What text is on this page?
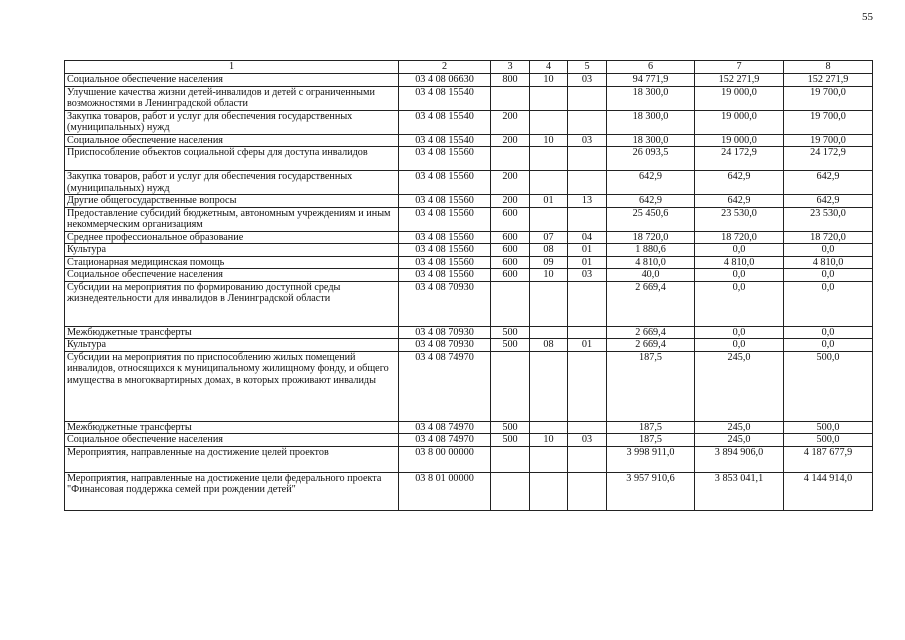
55
1	2	3	4	5	6	7	8
Социальное обеспечение населения	03 4 08 06630	800	10	03	94 771,9	152 271,9	152 271,9
Улучшение качества жизни детей-инвалидов и детей с ограниченными возможностями в Ленинградской области	03 4 08 15540				18 300,0	19 000,0	19 700,0
Закупка товаров, работ и услуг для обеспечения государственных (муниципальных) нужд	03 4 08 15540	200			18 300,0	19 000,0	19 700,0
Социальное обеспечение населения	03 4 08 15540	200	10	03	18 300,0	19 000,0	19 700,0
Приспособление объектов социальной сферы для доступа инвалидов	03 4 08 15560				26 093,5	24 172,9	24 172,9
Закупка товаров, работ и услуг для обеспечения государственных (муниципальных) нужд	03 4 08 15560	200			642,9	642,9	642,9
Другие общегосударственные вопросы	03 4 08 15560	200	01	13	642,9	642,9	642,9
Предоставление субсидий бюджетным, автономным учреждениям и иным некоммерческим организациям	03 4 08 15560	600			25 450,6	23 530,0	23 530,0
Среднее профессиональное образование	03 4 08 15560	600	07	04	18 720,0	18 720,0	18 720,0
Культура	03 4 08 15560	600	08	01	1 880,6	0,0	0,0
Стационарная медицинская помощь	03 4 08 15560	600	09	01	4 810,0	4 810,0	4 810,0
Социальное обеспечение населения	03 4 08 15560	600	10	03	40,0	0,0	0,0
Субсидии на мероприятия по формированию доступной среды жизнедеятельности для инвалидов в Ленинградской области	03 4 08 70930				2 669,4	0,0	0,0
Межбюджетные трансферты	03 4 08 70930	500			2 669,4	0,0	0,0
Культура	03 4 08 70930	500	08	01	2 669,4	0,0	0,0
Субсидии на мероприятия по приспособлению жилых помещений инвалидов, относящихся к муниципальному жилищному фонду, и общего имущества в многоквартирных домах, в которых проживают инвалиды	03 4 08 74970				187,5	245,0	500,0
Межбюджетные трансферты	03 4 08 74970	500			187,5	245,0	500,0
Социальное обеспечение населения	03 4 08 74970	500	10	03	187,5	245,0	500,0
Мероприятия, направленные на достижение целей проектов	03 8 00 00000				3 998 911,0	3 894 906,0	4 187 677,9
Мероприятия, направленные на достижение цели федерального проекта "Финансовая поддержка семей при рождении детей"	03 8 01 00000				3 957 910,6	3 853 041,1	4 144 914,0
